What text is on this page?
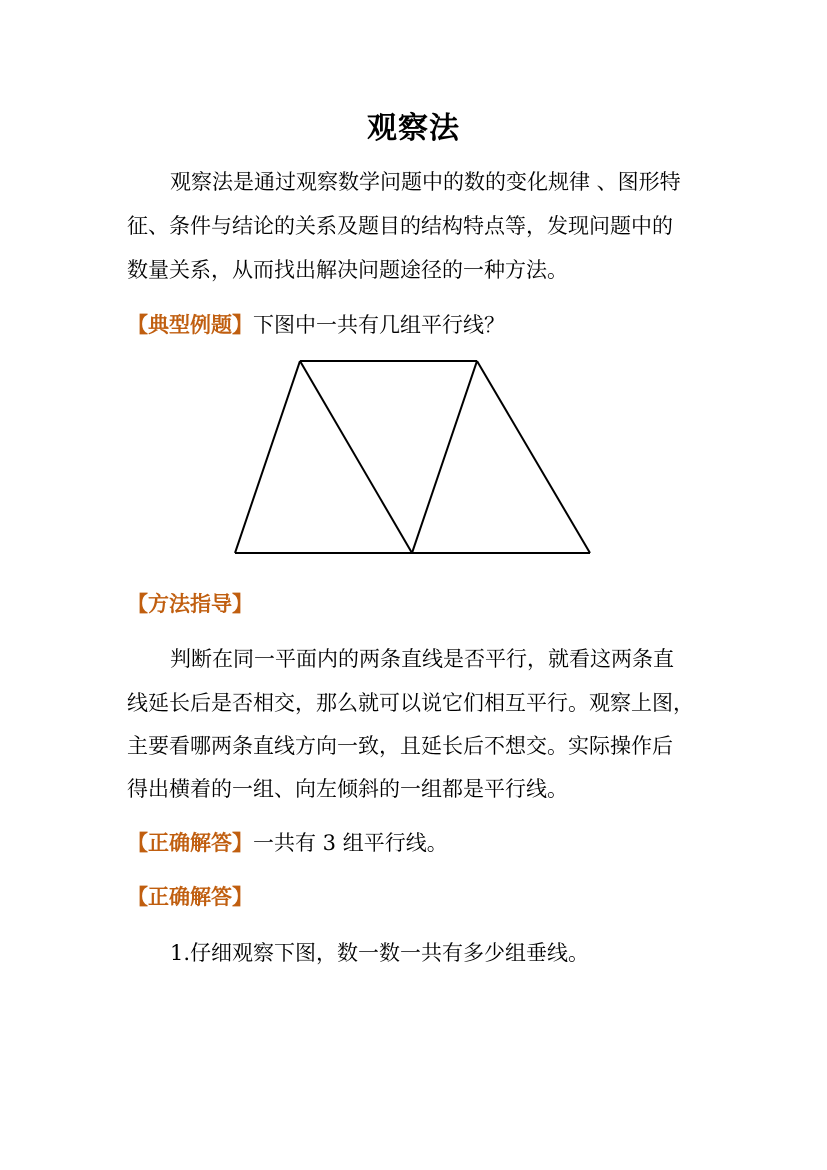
观察法
观察法是通过观察数学问题中的数的变化规律 、图形特
征、条件与结论的关系及题目的结构特点等，发现问题中的
数量关系，从而找出解决问题途径的一种方法。
【典型例题】下图中一共有几组平行线？
【方法指导】
判断在同一平面内的两条直线是否平行，就看这两条直
线延长后是否相交，那么就可以说它们相互平行。观察上图，
主要看哪两条直线方向一致，且延长后不想交。实际操作后
得出横着的一组、向左倾斜的一组都是平行线。
【正确解答】一共有 3 组平行线。
【正确解答】
1.仔细观察下图，数一数一共有多少组垂线。
